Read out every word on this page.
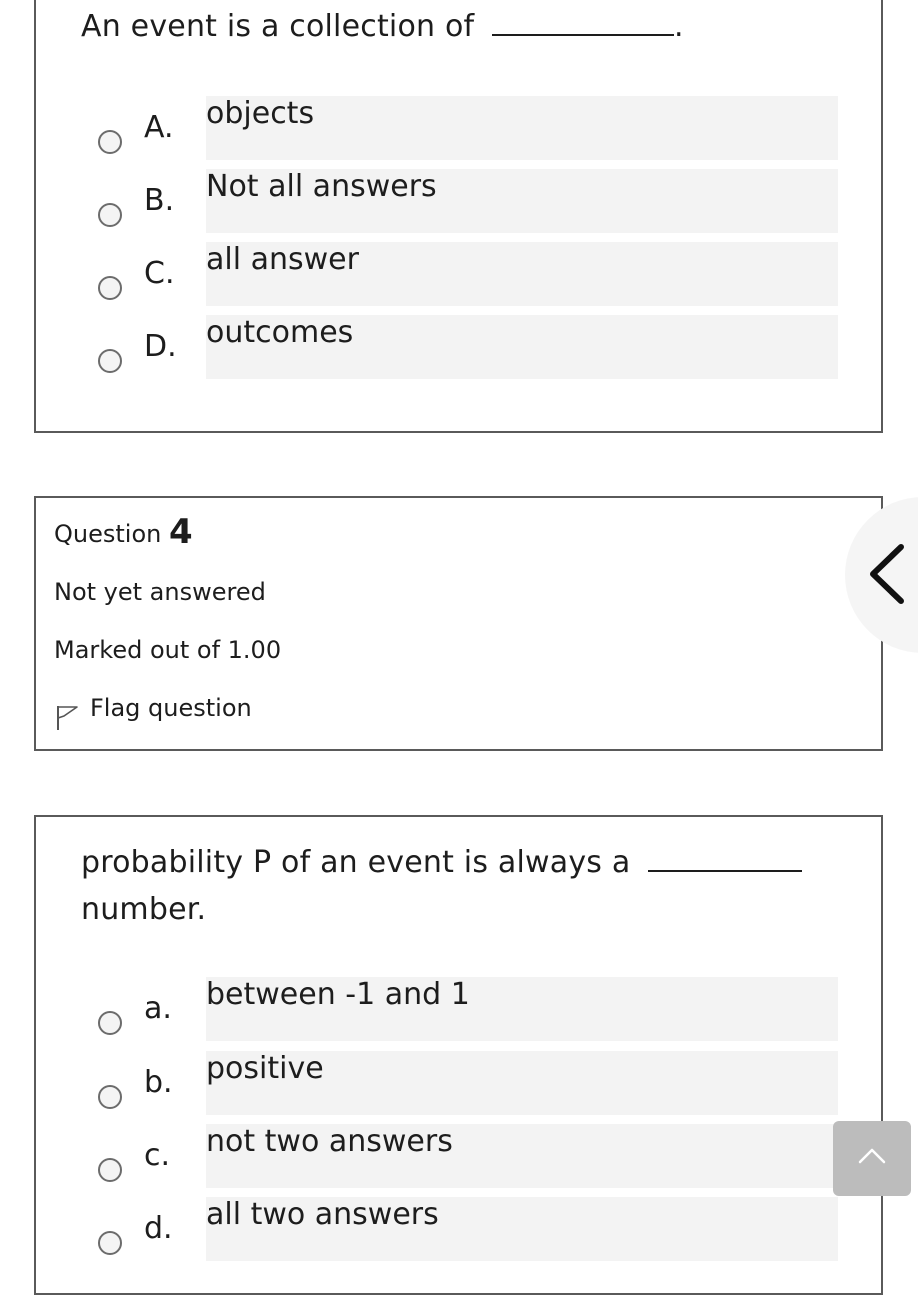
An event is a collection of	.
A. objects
B. Not all answers
C. all answer
D. outcomes
Question 4
Not yet answered
Marked out of 1.00
Flag question
probability P of an event is always a
number.
a. between -1 and 1
b. positive
c. not two answers
d. all two answers
